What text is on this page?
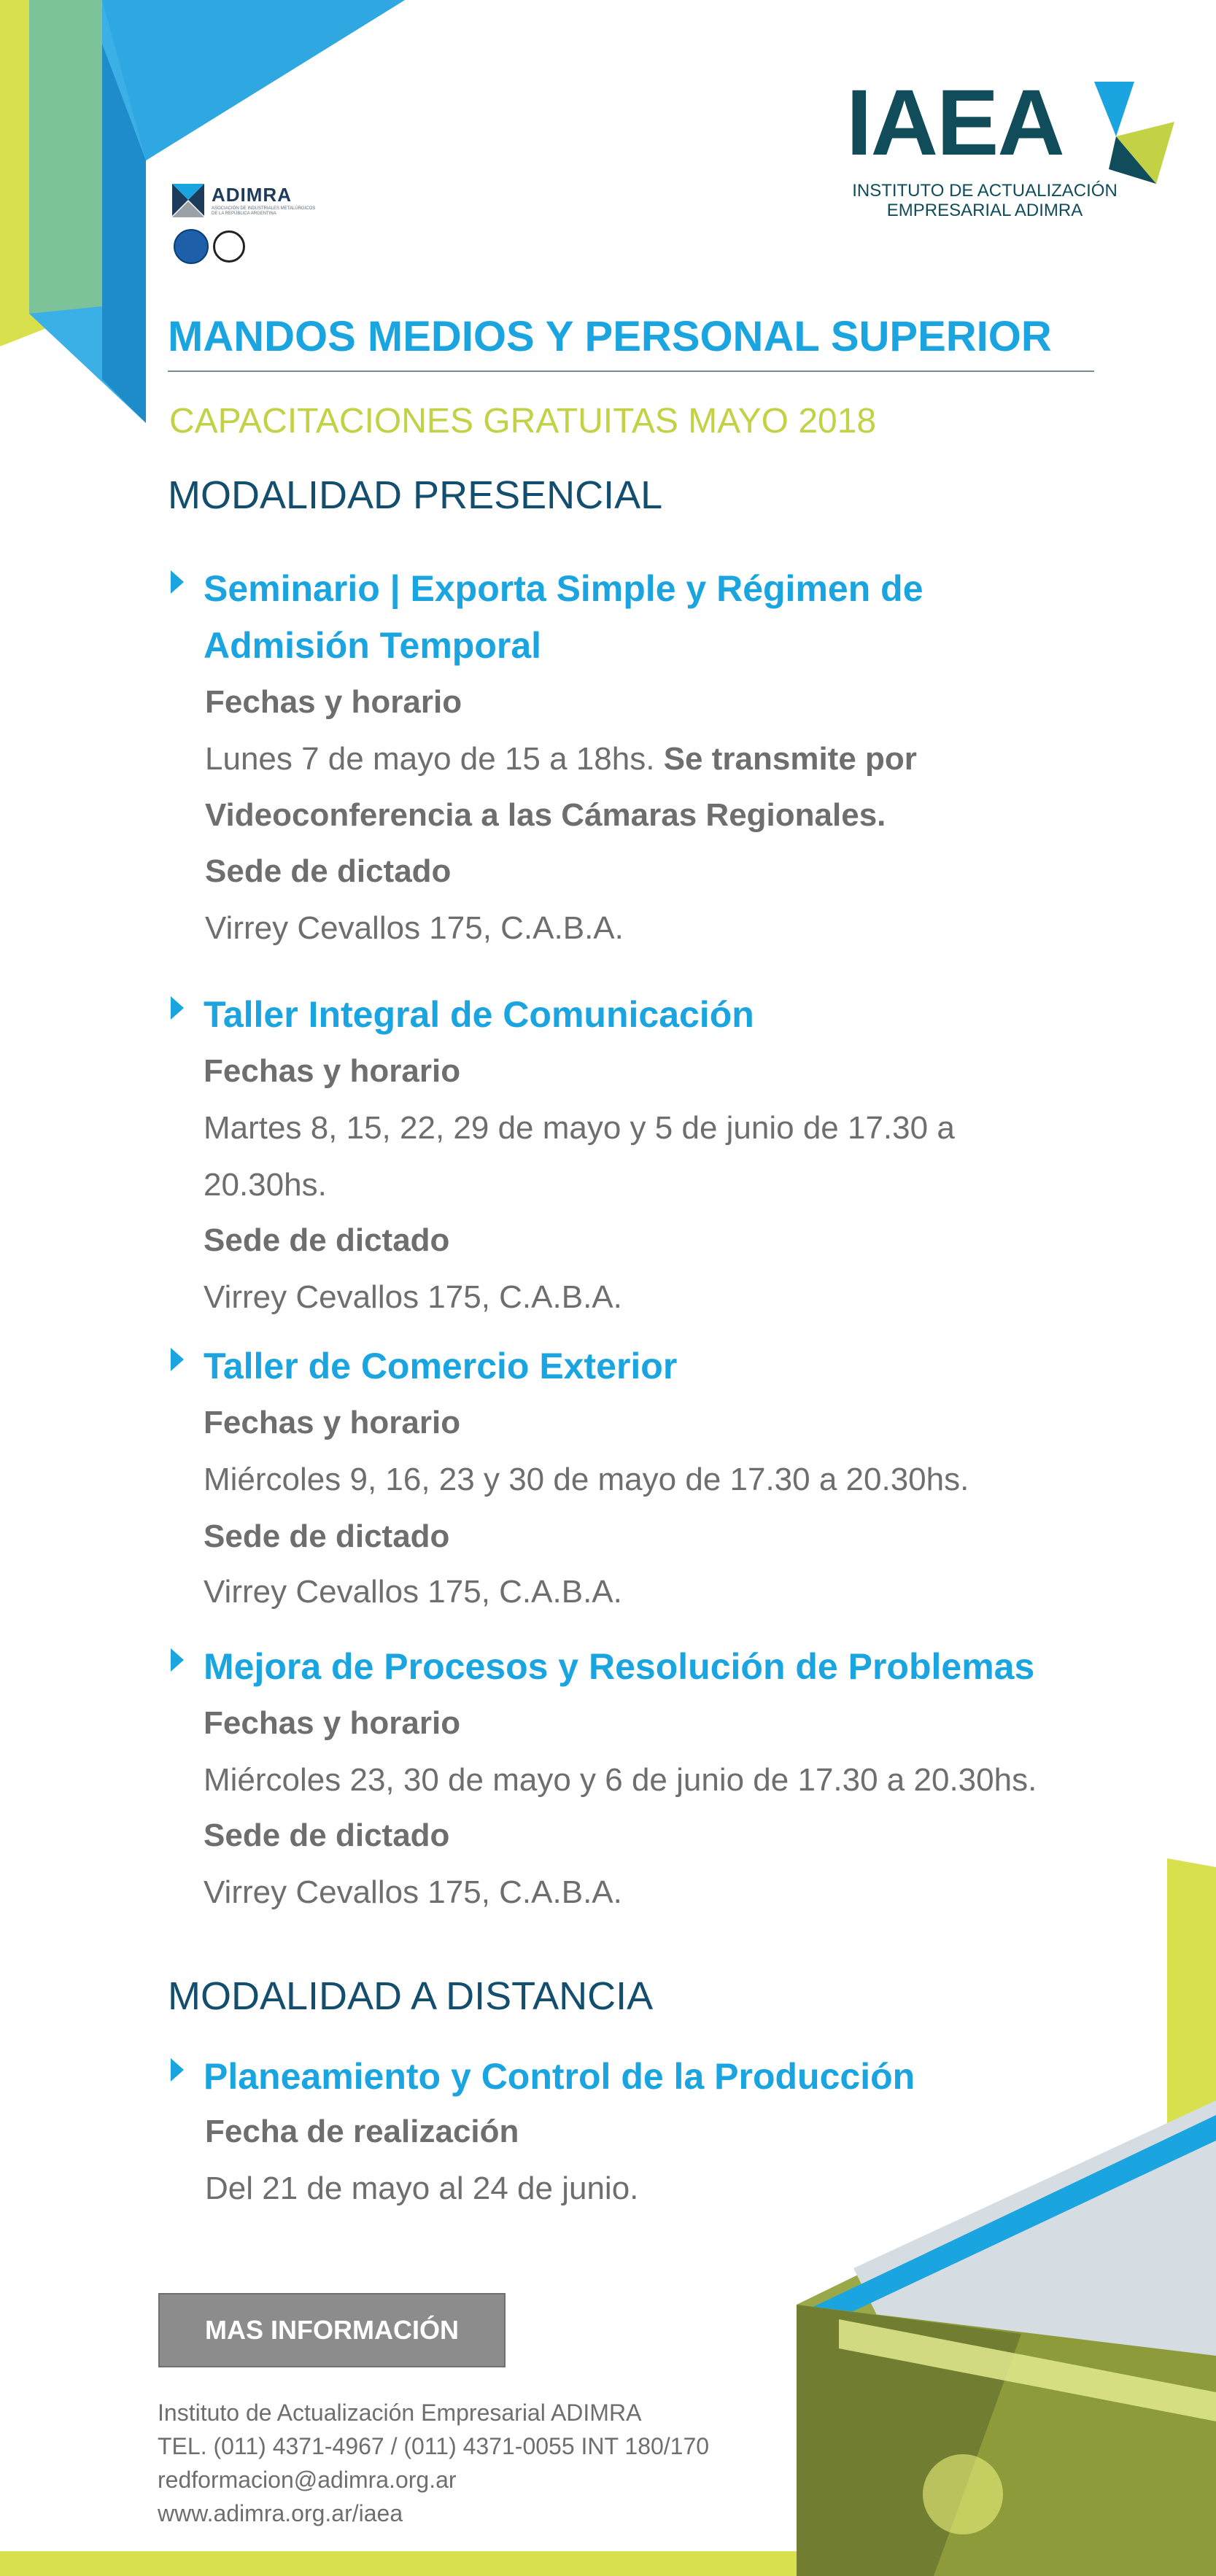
ADIMRA
ASOCIACIÓN DE INDUSTRIALES METALÚRGICOS DE LA REPÚBLICA ARGENTINA
IAEA
INSTITUTO DE ACTUALIZACIÓN
EMPRESARIAL ADIMRA
MANDOS MEDIOS Y PERSONAL SUPERIOR
CAPACITACIONES GRATUITAS MAYO 2018
MODALIDAD PRESENCIAL
Seminario | Exporta Simple y Régimen de
Admisión Temporal
Fechas y horario
Lunes 7 de mayo de 15 a 18hs. Se transmite por
Videoconferencia a las Cámaras Regionales.
Sede de dictado
Virrey Cevallos 175, C.A.B.A.
Taller Integral de Comunicación
Fechas y horario
Martes 8, 15, 22, 29 de mayo y 5 de junio de 17.30 a
20.30hs.
Sede de dictado
Virrey Cevallos 175, C.A.B.A.
Taller de Comercio Exterior
Fechas y horario
Miércoles 9, 16, 23 y 30 de mayo de 17.30 a 20.30hs.
Sede de dictado
Virrey Cevallos 175, C.A.B.A.
Mejora de Procesos y Resolución de Problemas
Fechas y horario
Miércoles 23, 30 de mayo y 6 de junio de 17.30 a 20.30hs.
Sede de dictado
Virrey Cevallos 175, C.A.B.A.
MODALIDAD A DISTANCIA
Planeamiento y Control de la Producción
Fecha de realización
Del 21 de mayo al 24 de junio.
MAS INFORMACIÓN
Instituto de Actualización Empresarial ADIMRA
TEL. (011) 4371-4967 / (011) 4371-0055 INT 180/170
redformacion@adimra.org.ar
www.adimra.org.ar/iaea
